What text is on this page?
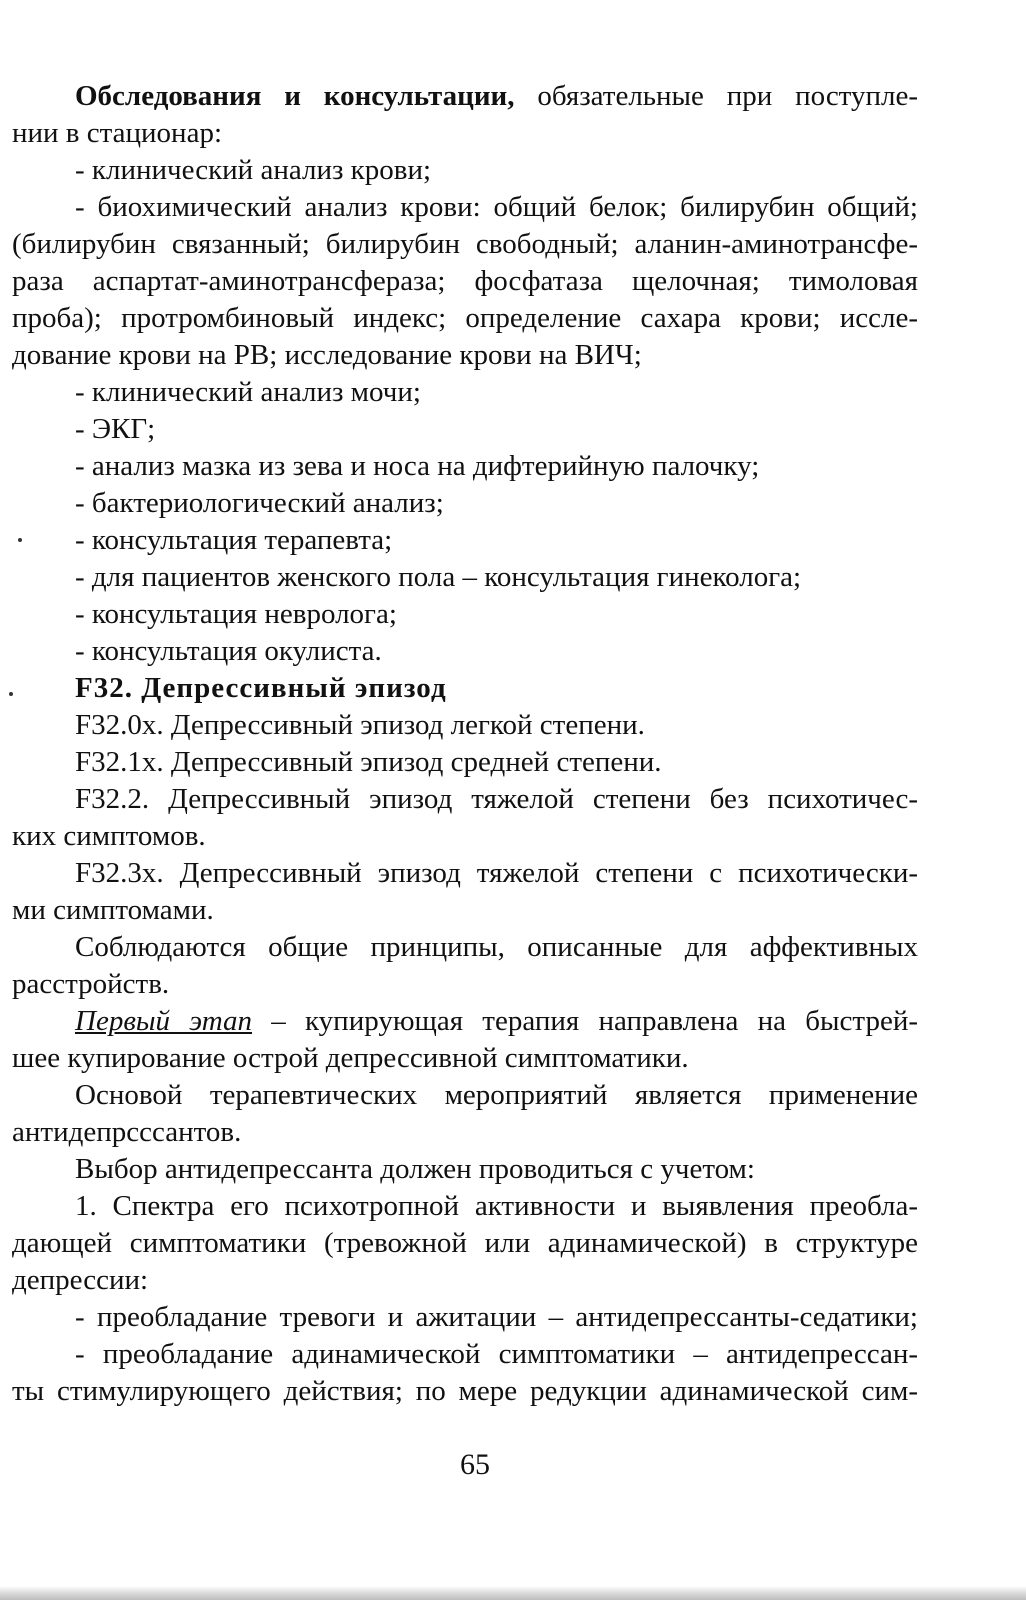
Обследования и консультации, обязательные при поступле-
нии в стационар:
- клинический анализ крови;
- биохимический анализ крови: общий белок; билирубин общий;
(билирубин связанный; билирубин свободный; аланин-аминотрансфе-
раза аспартат-аминотрансфераза; фосфатаза щелочная; тимоловая
проба); протромбиновый индекс; определение сахара крови; иссле-
дование крови на РВ; исследование крови на ВИЧ;
- клинический анализ мочи;
- ЭКГ;
- анализ мазка из зева и носа на дифтерийную палочку;
- бактериологический анализ;
- консультация терапевта;
- для пациентов женского пола – консультация гинеколога;
- консультация невролога;
- консультация окулиста.
F32. Депрессивный эпизод
F32.0x. Депрессивный эпизод легкой степени.
F32.1x. Депрессивный эпизод средней степени.
F32.2. Депрессивный эпизод тяжелой степени без психотичес-
ких симптомов.
F32.3x. Депрессивный эпизод тяжелой степени с психотически-
ми симптомами.
Соблюдаются общие принципы, описанные для аффективных
расстройств.
Первый этап – купирующая терапия направлена на быстрей-
шее купирование острой депрессивной симптоматики.
Основой терапевтических мероприятий является применение
антидепрсссантов.
Выбор антидепрессанта должен проводиться с учетом:
1. Спектра его психотропной активности и выявления преобла-
дающей симптоматики (тревожной или адинамической) в структуре
депрессии:
- преобладание тревоги и ажитации – антидепрессанты-седатики;
- преобладание адинамической симптоматики – антидепрессан-
ты стимулирующего действия; по мере редукции адинамической сим-
65
